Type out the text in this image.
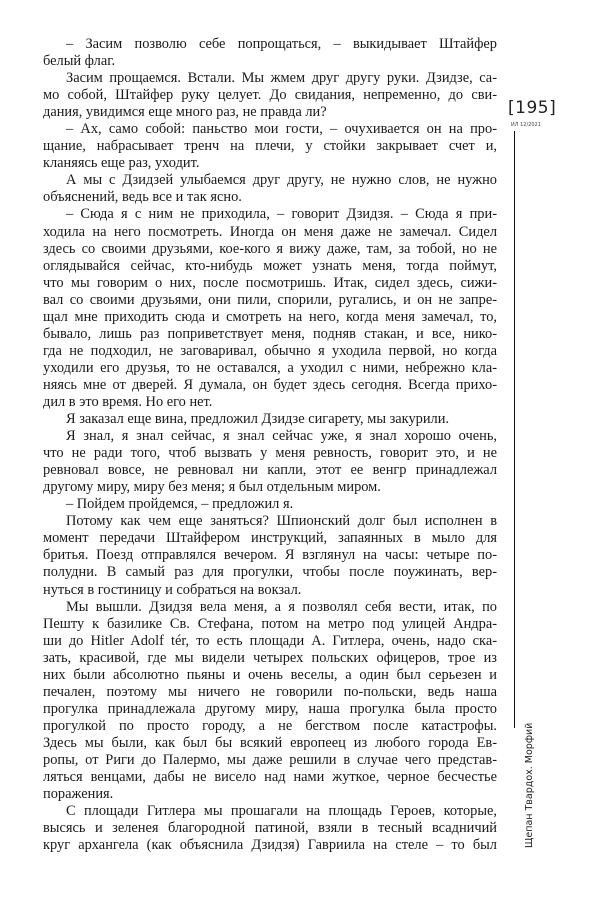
– Засим позволю себе попрощаться, – выкидывает Штайфер
белый флаг.
Засим прощаемся. Встали. Мы жмем друг другу руки. Дзидзе, са-
мо собой, Штайфер руку целует. До свидания, непременно, до сви-
дания, увидимся еще много раз, не правда ли?
– Ах, само собой: паньство мои гости, – очухивается он на про-
щание, набрасывает тренч на плечи, у стойки закрывает счет и,
кланяясь еще раз, уходит.
А мы с Дзидзей улыбаемся друг другу, не нужно слов, не нужно
объяснений, ведь все и так ясно.
– Сюда я с ним не приходила, – говорит Дзидзя. – Сюда я при-
ходила на него посмотреть. Иногда он меня даже не замечал. Сидел
здесь со своими друзьями, кое-кого я вижу даже, там, за тобой, но не
оглядывайся сейчас, кто-нибудь может узнать меня, тогда поймут,
что мы говорим о них, после посмотришь. Итак, сидел здесь, сижи-
вал со своими друзьями, они пили, спорили, ругались, и он не запре-
щал мне приходить сюда и смотреть на него, когда меня замечал, то,
бывало, лишь раз поприветствует меня, подняв стакан, и все, нико-
гда не подходил, не заговаривал, обычно я уходила первой, но когда
уходили его друзья, то не оставался, а уходил с ними, небрежно кла-
няясь мне от дверей. Я думала, он будет здесь сегодня. Всегда прихо-
дил в это время. Но его нет.
Я заказал еще вина, предложил Дзидзе сигарету, мы закурили.
Я знал, я знал сейчас, я знал сейчас уже, я знал хорошо очень,
что не ради того, чтоб вызвать у меня ревность, говорит это, и не
ревновал вовсе, не ревновал ни капли, этот ее венгр принадлежал
другому миру, миру без меня; я был отдельным миром.
– Пойдем пройдемся, – предложил я.
Потому как чем еще заняться? Шпионский долг был исполнен в
момент передачи Штайфером инструкций, запаянных в мыло для
бритья. Поезд отправлялся вечером. Я взглянул на часы: четыре по-
полудни. В самый раз для прогулки, чтобы после поужинать, вер-
нуться в гостиницу и собраться на вокзал.
Мы вышли. Дзидзя вела меня, а я позволял себя вести, итак, по
Пешту к базилике Св. Стефана, потом на метро под улицей Андра-
ши до Hitler Adolf tér, то есть площади А. Гитлера, очень, надо ска-
зать, красивой, где мы видели четырех польских офицеров, трое из
них были абсолютно пьяны и очень веселы, а один был серьезен и
печален, поэтому мы ничего не говорили по-польски, ведь наша
прогулка принадлежала другому миру, наша прогулка была просто
прогулкой по просто городу, а не бегством после катастрофы.
Здесь мы были, как был бы всякий европеец из любого города Ев-
ропы, от Риги до Палермо, мы даже решили в случае чего представ-
ляться венцами, дабы не висело над нами жуткое, черное бесчестье
поражения.
С площади Гитлера мы прошагали на площадь Героев, которые,
высясь и зеленея благородной патиной, взяли в тесный всадничий
круг архангела (как объяснила Дзидзя) Гавриила на стеле – то был
[195]
ИЛ 12/2021
Щепан Твардох. Морфий
